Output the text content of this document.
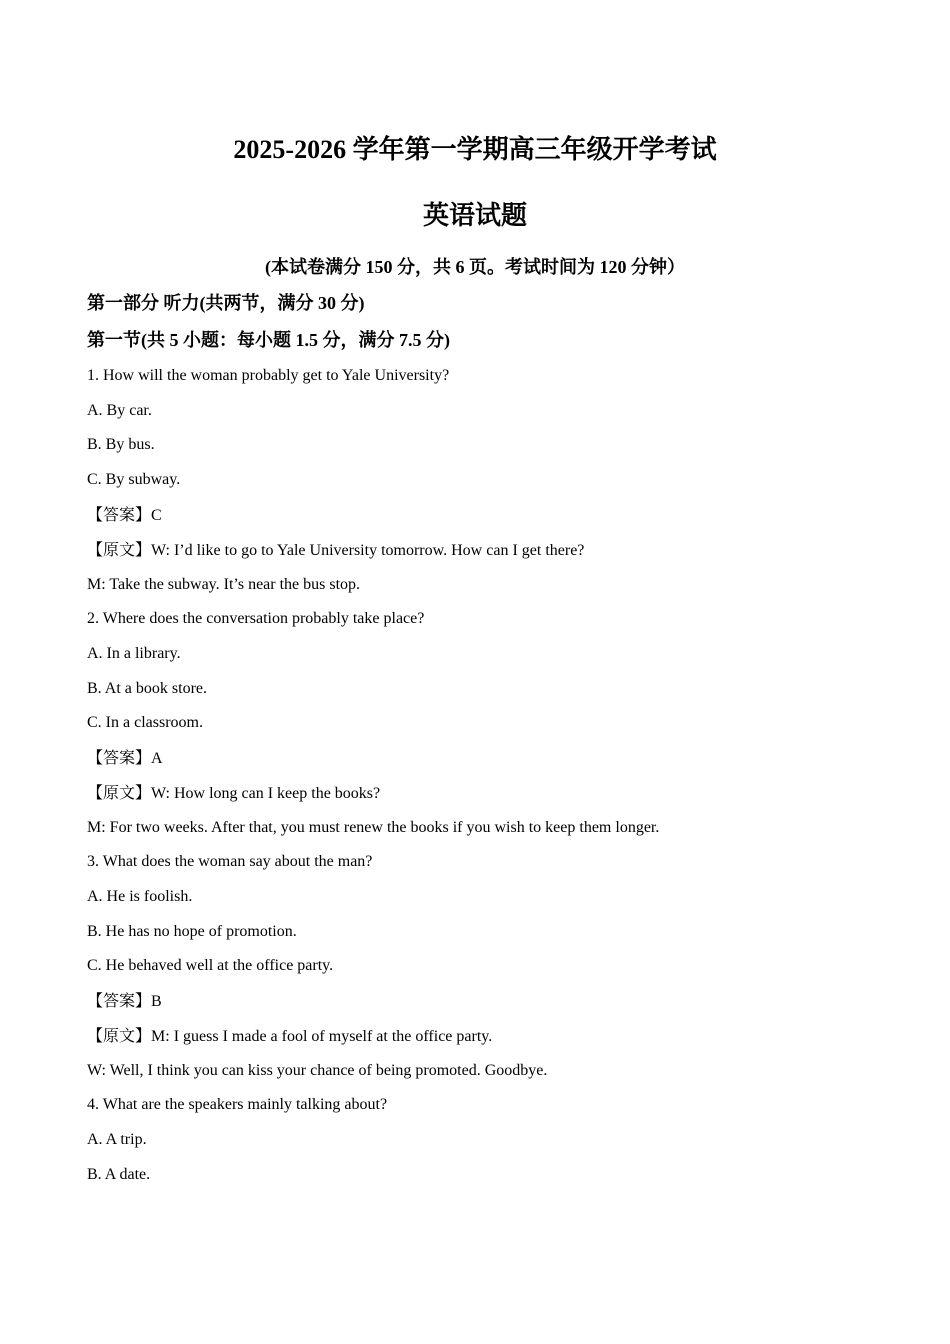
2025-2026 学年第一学期高三年级开学考试
英语试题
(本试卷满分 150 分，共 6 页。考试时间为 120 分钟）
第一部分 听力(共两节，满分 30 分)
第一节(共 5 小题：每小题 1.5 分，满分 7.5 分)
1. How will the woman probably get to Yale University?
A. By car.
B. By bus.
C. By subway.
【答案】C
【原文】W: I’d like to go to Yale University tomorrow. How can I get there?
M: Take the subway. It’s near the bus stop.
2. Where does the conversation probably take place?
A. In a library.
B. At a book store.
C. In a classroom.
【答案】A
【原文】W: How long can I keep the books?
M: For two weeks. After that, you must renew the books if you wish to keep them longer.
3. What does the woman say about the man?
A. He is foolish.
B. He has no hope of promotion.
C. He behaved well at the office party.
【答案】B
【原文】M: I guess I made a fool of myself at the office party.
W: Well, I think you can kiss your chance of being promoted. Goodbye.
4. What are the speakers mainly talking about?
A. A trip.
B. A date.
